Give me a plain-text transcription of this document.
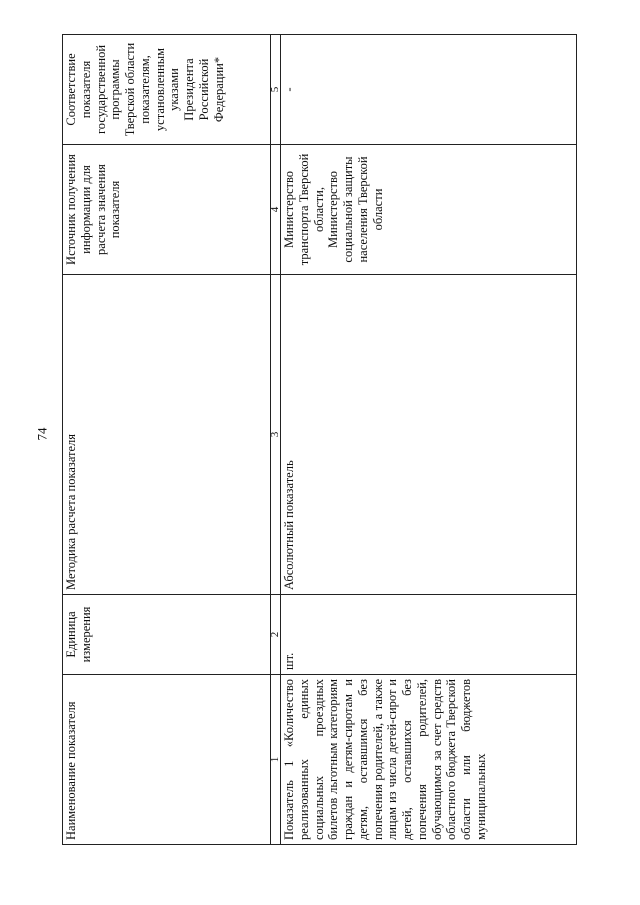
74
Наименование показателя	Единица измерения	Методика расчета показателя	Источник получения информации для расчета значения показателя	Соответствие показателя государственной программы Тверской области показателям, установленным указами Президента Российской Федерации*
1	2	3	4	5
Показатель 1 «Количество реализованных единых социальных проездных билетов льготным категориям граждан и детям-сиротам и детям, оставшимся без попечения родителей, а также лицам из числа детей-сирот и детей, оставшихся без попечения родителей, обучающимся за счет средств областного бюджета Тверской области или бюджетов муниципальных	шт.	Абсолютный показатель	Министерство транспорта Тверской области, Министерство социальной защиты населения Тверской области	-
